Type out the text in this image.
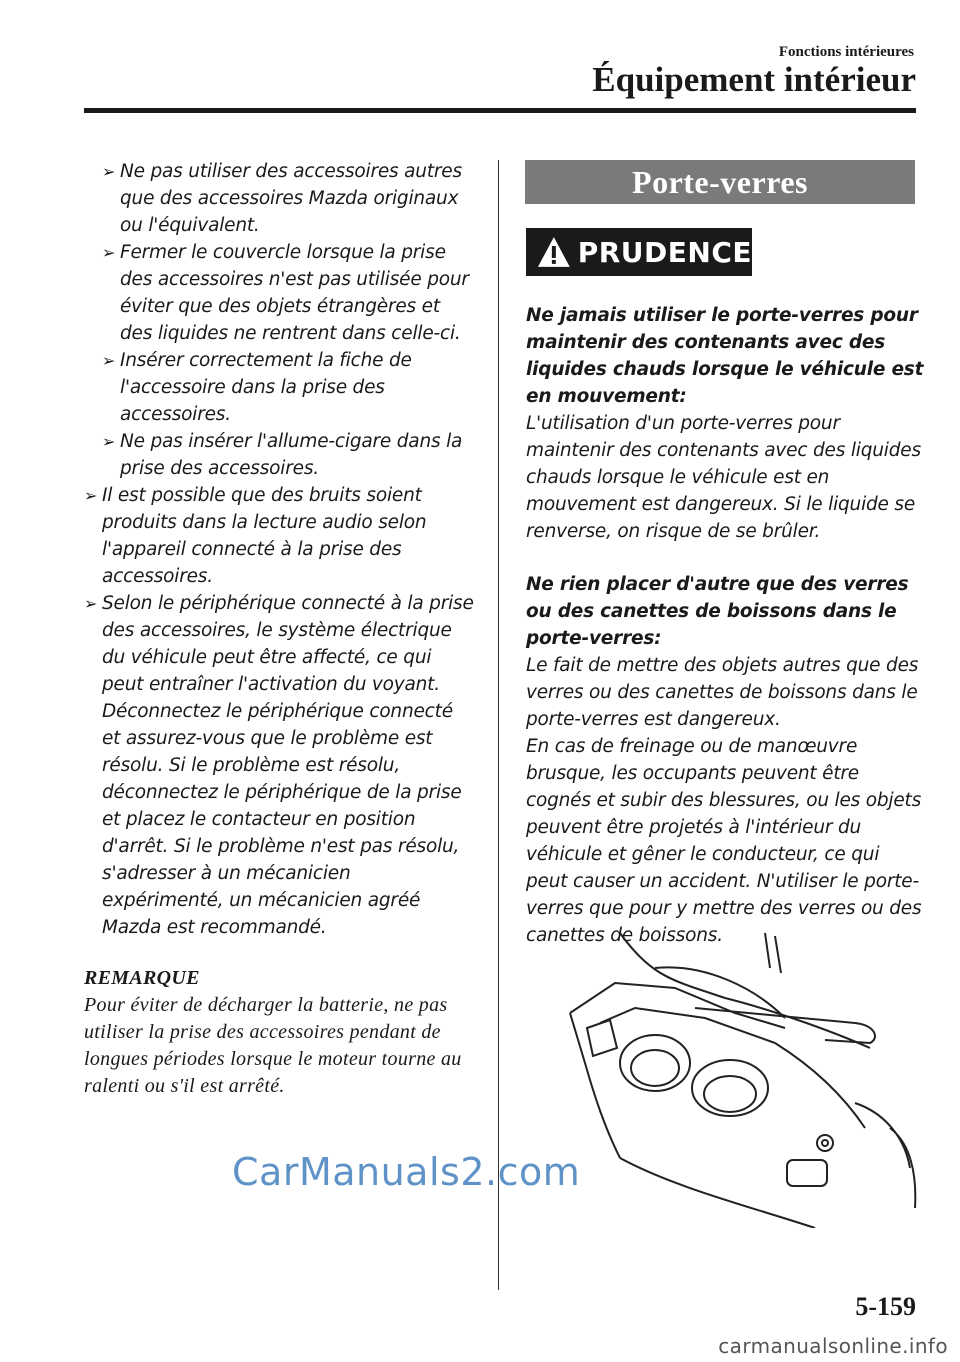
Fonctions intérieures
Équipement intérieur
➢ Ne pas utiliser des accessoires autres que des accessoires Mazda originaux ou l'équivalent.
➢ Fermer le couvercle lorsque la prise des accessoires n'est pas utilisée pour éviter que des objets étrangères et des liquides ne rentrent dans celle-ci.
➢ Insérer correctement la fiche de l'accessoire dans la prise des accessoires.
➢ Ne pas insérer l'allume-cigare dans la prise des accessoires.
➢ Il est possible que des bruits soient produits dans la lecture audio selon l'appareil connecté à la prise des accessoires.
➢ Selon le périphérique connecté à la prise des accessoires, le système électrique du véhicule peut être affecté, ce qui peut entraîner l'activation du voyant. Déconnectez le périphérique connecté et assurez-vous que le problème est résolu. Si le problème est résolu, déconnectez le périphérique de la prise et placez le contacteur en position d'arrêt. Si le problème n'est pas résolu, s'adresser à un mécanicien expérimenté, un mécanicien agréé Mazda est recommandé.
REMARQUE
Pour éviter de décharger la batterie, ne pas utiliser la prise des accessoires pendant de longues périodes lorsque le moteur tourne au ralenti ou s'il est arrêté.
Porte-verres
PRUDENCE
Ne jamais utiliser le porte-verres pour maintenir des contenants avec des liquides chauds lorsque le véhicule est en mouvement:
L'utilisation d'un porte-verres pour maintenir des contenants avec des liquides chauds lorsque le véhicule est en mouvement est dangereux. Si le liquide se renverse, on risque de se brûler.
Ne rien placer d'autre que des verres ou des canettes de boissons dans le porte-verres:
Le fait de mettre des objets autres que des verres ou des canettes de boissons dans le porte-verres est dangereux.
En cas de freinage ou de manœuvre brusque, les occupants peuvent être cognés et subir des blessures, ou les objets peuvent être projetés à l'intérieur du véhicule et gêner le conducteur, ce qui peut causer un accident. N'utiliser le porte-verres que pour y mettre des verres ou des canettes de boissons.
CarManuals2.com
5-159
carmanualsonline.info
